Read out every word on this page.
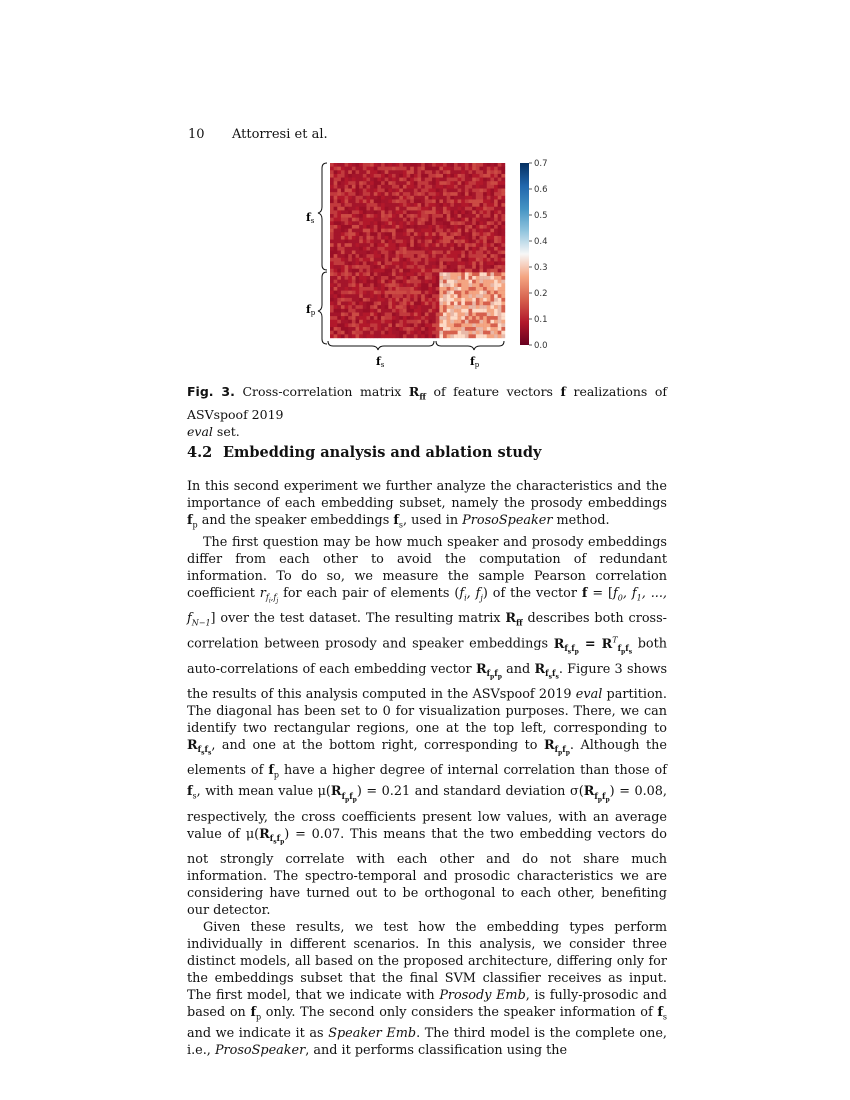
10 Attorresi et al.
fs
fp
fs	fp
0.0
0.1
0.2
0.3
0.4
0.5
0.6
0.7
Fig. 3. Cross-correlation matrix $R_{ff}$ of feature vectors f realizations of ASVspoof 2019
eval set.
4.2 Embedding analysis and ablation study

In this second experiment we further analyze the characteristics and the importance of each embedding subset, namely the prosody embeddings $f_p$ and the speaker embeddings $f_s$, used in ProsoSpeaker method.

The first question may be how much speaker and prosody embeddings differ from each other to avoid the computation of redundant information. To do so, we measure the sample Pearson correlation coefficient $r_{f_i,f_j}$ for each pair of elements ($f_i$, $f_j$) of the vector $f = [f_0$, $f_1$, ..., $f_{N-1}$] over the test dataset. The resulting matrix $R_{ff}$ describes both cross-correlation between prosody and speaker embeddings $R_{f_sf_p} = R^T_{f_pf_s}$ both auto-correlations of each embedding vector $R_{f_pf_p}$ and $R_{f_sf_s}$. Figure 3 shows the results of this analysis computed in the ASVspoof 2019 eval partition. The diagonal has been set to 0 for visualization purposes. There, we can identify two rectangular regions, one at the top left, corresponding to $R_{f_sf_s}$, and one at the bottom right, corresponding to $R_{f_pf_p}$. Although the elements of $f_p$ have a higher degree of internal correlation than those of $f_s$, with mean value $\mu(R_{f_pf_p}) = 0.21$ and standard deviation $\sigma(R_{f_pf_p}) = 0.08$, respectively, the cross coefficients present low values, with an average value of $\mu(R_{f_sf_p}) = 0.07$. This means that the two embedding vectors do not strongly correlate with each other and do not share much information. The spectro-temporal and prosodic characteristics we are considering have turned out to be orthogonal to each other, benefiting our detector.

Given these results, we test how the embedding types perform individually in different scenarios. In this analysis, we consider three distinct models, all based on the proposed architecture, differing only for the embeddings subset that the final SVM classifier receives as input. The first model, that we indicate with Prosody Emb, is fully-prosodic and based on $f_p$ only. The second only considers the speaker information of $f_s$ and we indicate it as Speaker Emb. The third model is the complete one, i.e., ProsoSpeaker, and it performs classification using the
